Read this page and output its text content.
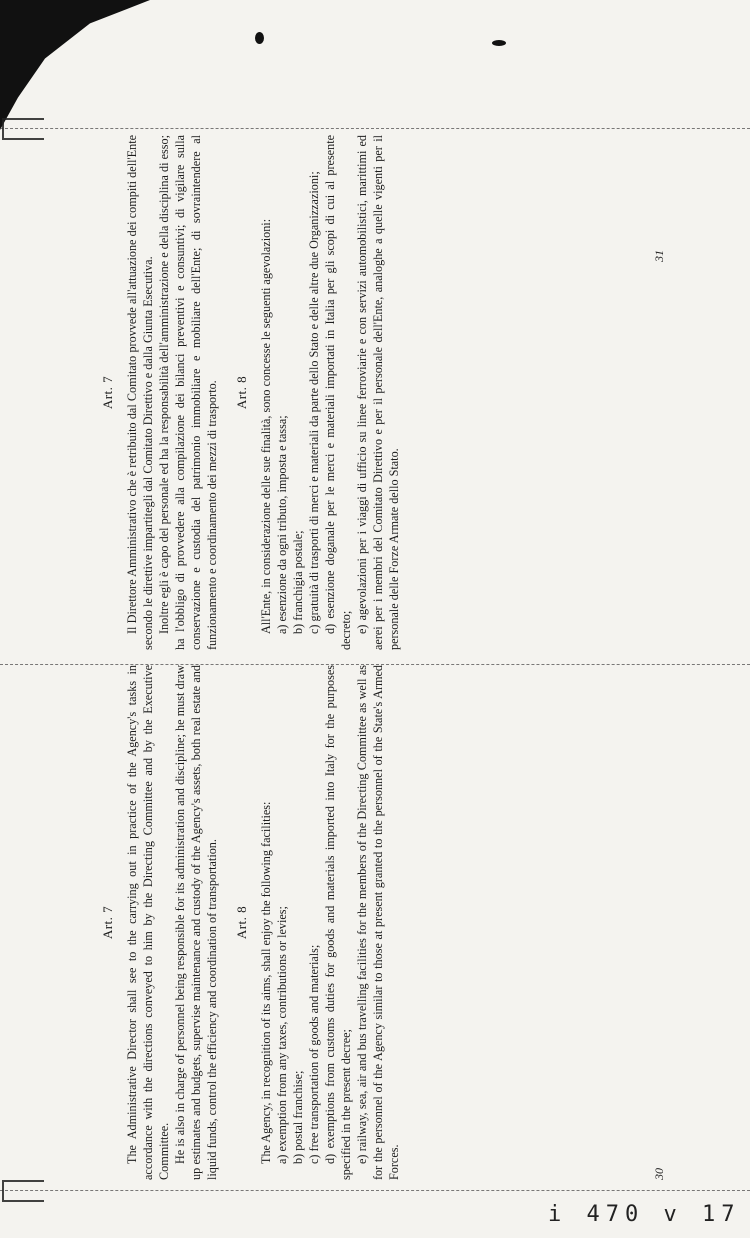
Art. 7 The Administrative Director shall see to the carrying out in practice of the Agency's tasks in accordance with the directions conveyed to him by the Directing Committee and by the Executive Committee. He is also in charge of personnel being responsible for its administration and discipline; he must draw up estimates and budgets, supervise maintenance and custody of the Agency's assets, both real estate and liquid funds, control the efficiency and coordination of transportation. Art. 8 The Agency, in recognition of its aims, shall enjoy the following facilities: a) exemption from any taxes, contributions or levies; b) postal franchise; c) free transportation of goods and materials; d) exemptions from customs duties for goods and materials imported into Italy for the purposes specified in the present decree; e) railway, sea, air and bus travelling facilities for the members of the Directing Committee as well as for the personnel of the Agency similar to those at present granted to the personnel of the State's Armed Forces.	30
Art. 7 Il Direttore Amministrativo che è retribuito dal Comitato provvede all'attuazione dei compiti dell'Ente secondo le direttive impartitegli dal Comitato Direttivo e dalla Giunta Esecutiva. Inoltre egli è capo del personale ed ha la responsabilità dell'amministrazione e della disciplina di esso; ha l'obbligo di provvedere alla compilazione dei bilanci preventivi e consuntivi; di vigilare sulla conservazione e custodia del patrimonio immobiliare e mobiliare dell'Ente; di sovraintendere al funzionamento e coordinamento dei mezzi di trasporto. Art. 8 All'Ente, in considerazione delle sue finalità, sono concesse le seguenti agevolazioni: a) esenzione da ogni tributo, imposta e tassa; b) franchigia postale; c) gratuità di trasporti di merci e materiali da parte dello Stato e delle altre due Organizzazioni; d) esenzione doganale per le merci e materiali importati in Italia per gli scopi di cui al presente decreto; e) agevolazioni per i viaggi di ufficio su linee ferroviarie e con servizi automobilistici, marittimi ed aerei per i membri del Comitato Direttivo e per il personale dell'Ente, analoghe a quelle vigenti per il personale delle Forze Armate dello Stato.

31
i 470 v 17
